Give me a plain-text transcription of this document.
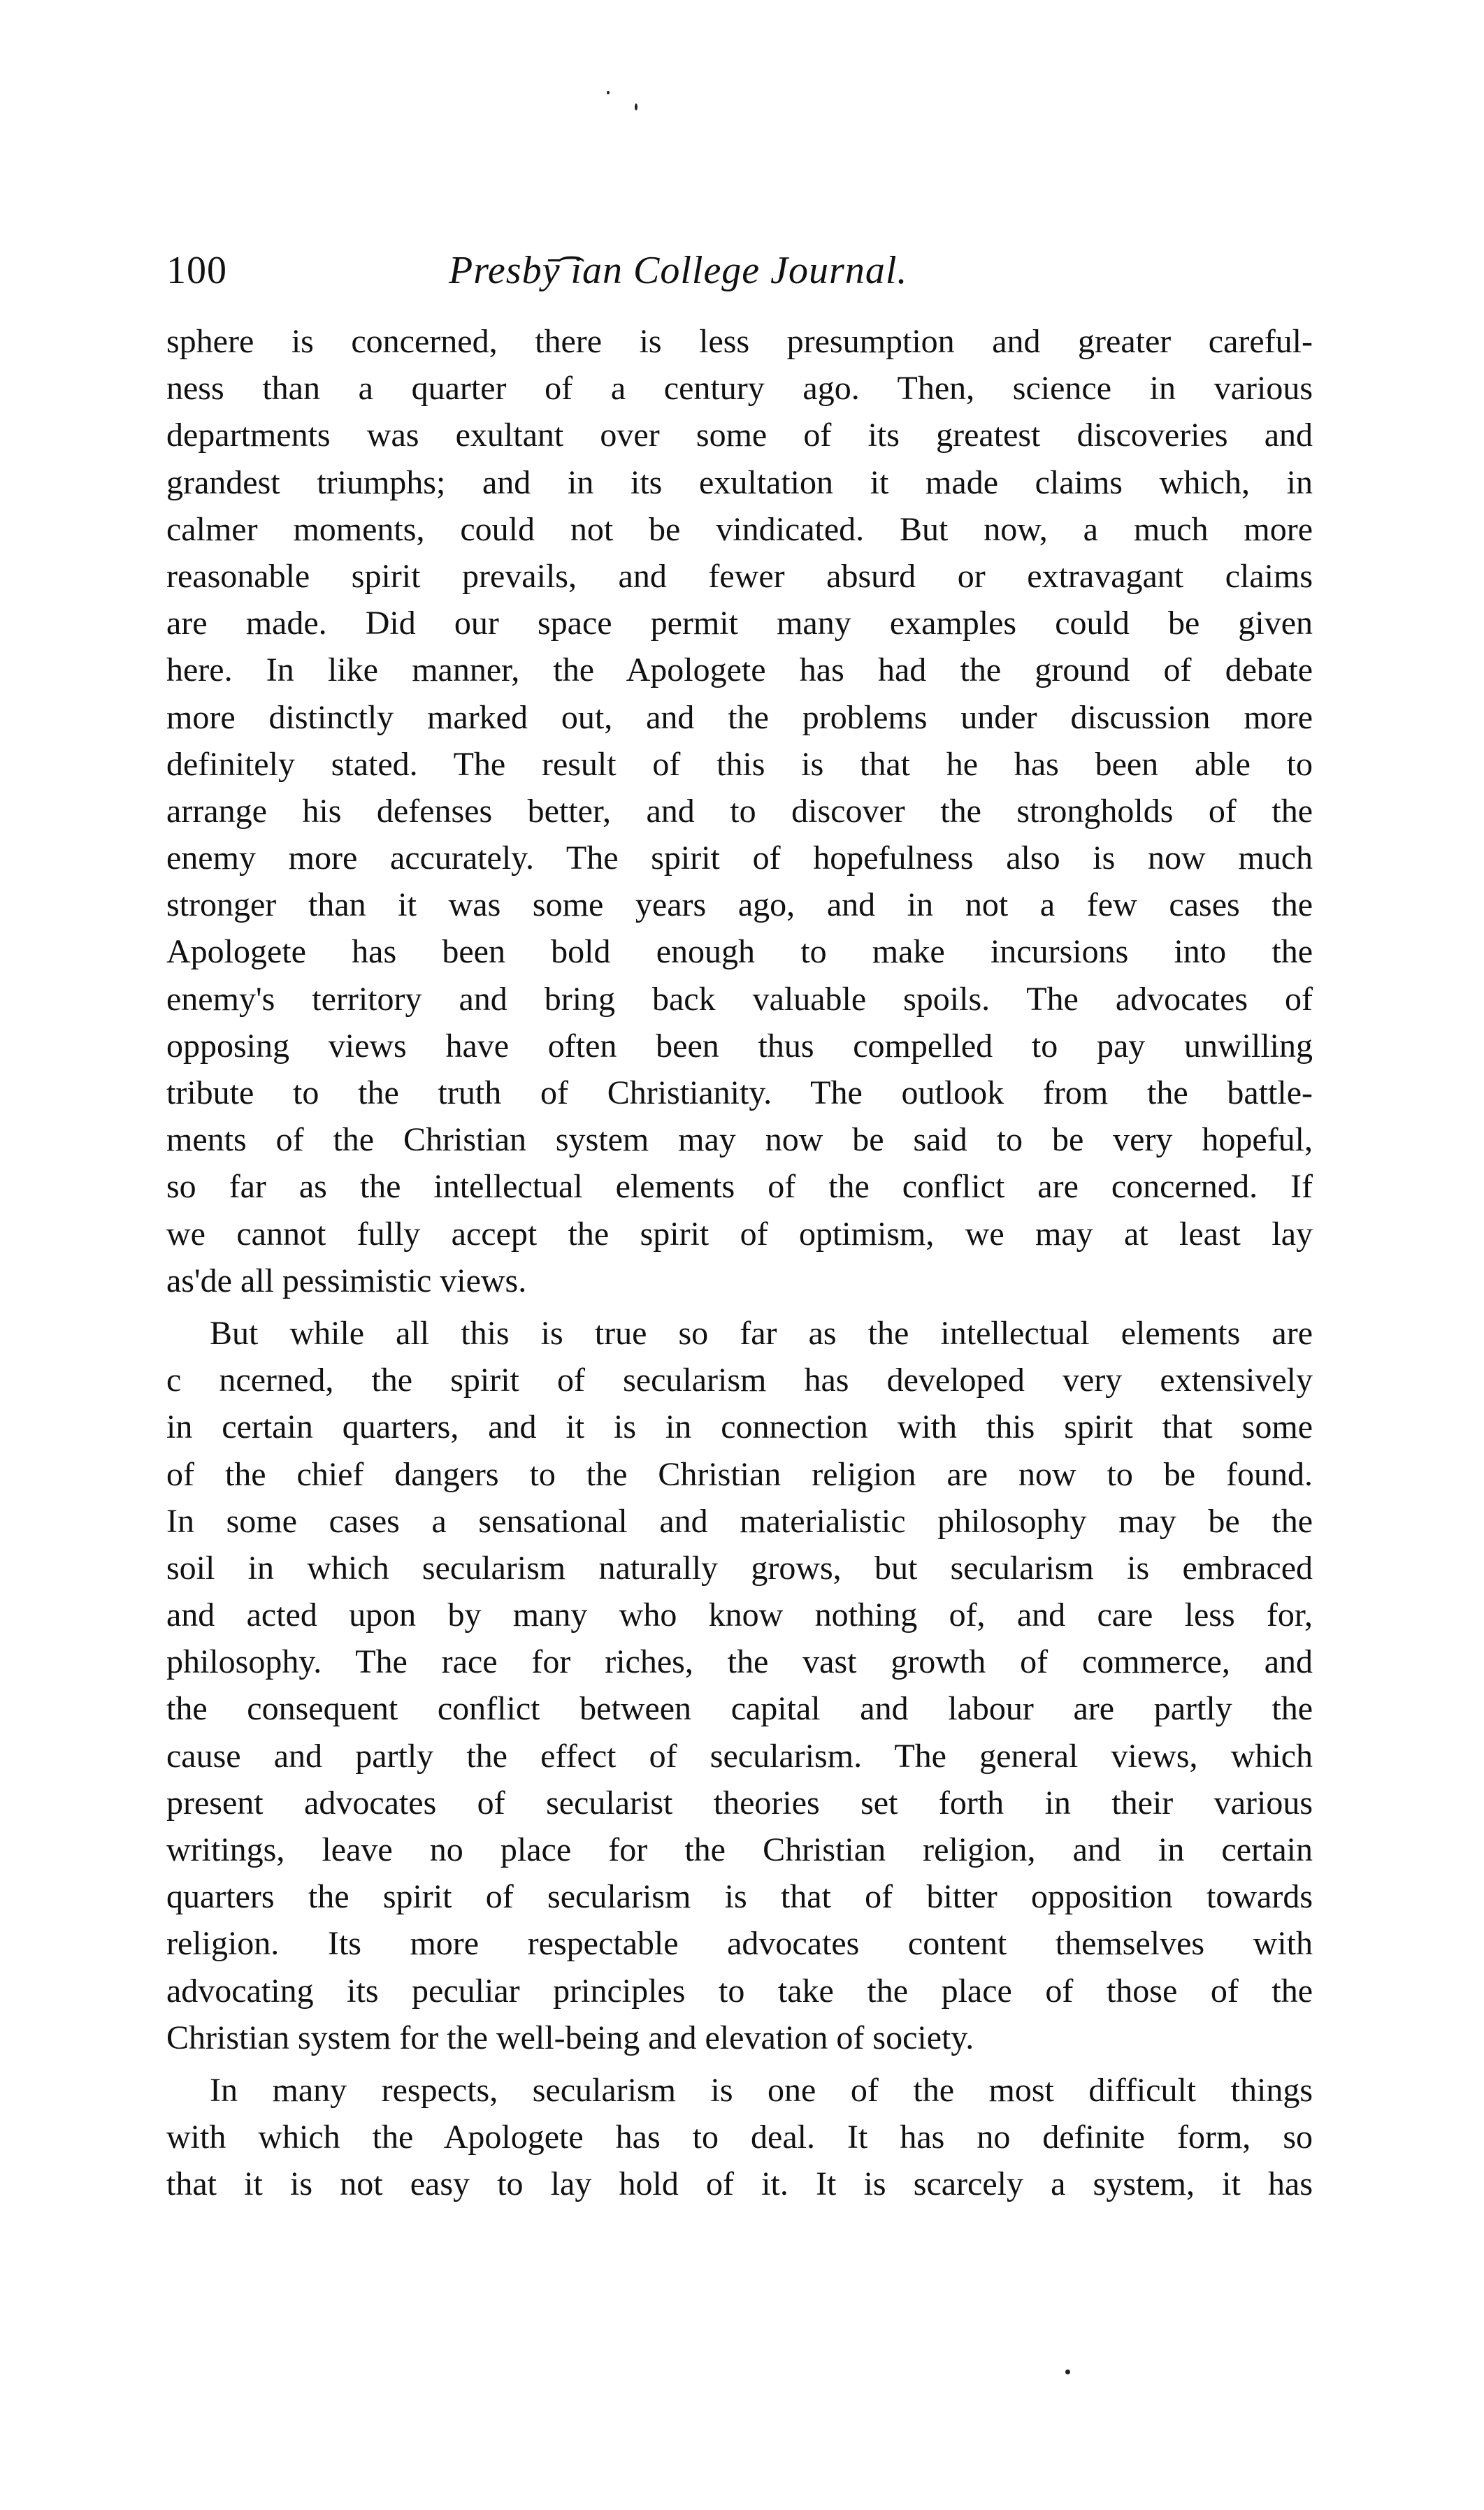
100	Presbȳ͡ ian College Journal.
sphere is concerned, there is less presumption and greater careful-
ness than a quarter of a century ago. Then, science in various
departments was exultant over some of its greatest discoveries and
grandest triumphs; and in its exultation it made claims which, in
calmer moments, could not be vindicated. But now, a much more
reasonable spirit prevails, and fewer absurd or extravagant claims
are made. Did our space permit many examples could be given
here. In like manner, the Apologete has had the ground of debate
more distinctly marked out, and the problems under discussion more
definitely stated. The result of this is that he has been able to
arrange his defenses better, and to discover the strongholds of the
enemy more accurately. The spirit of hopefulness also is now much
stronger than it was some years ago, and in not a few cases the
Apologete has been bold enough to make incursions into the
enemy's territory and bring back valuable spoils. The advocates of
opposing views have often been thus compelled to pay unwilling
tribute to the truth of Christianity. The outlook from the battle-
ments of the Christian system may now be said to be very hopeful,
so far as the intellectual elements of the conflict are concerned. If
we cannot fully accept the spirit of optimism, we may at least lay
as'de all pessimistic views.
But while all this is true so far as the intellectual elements are
c ncerned, the spirit of secularism has developed very extensively
in certain quarters, and it is in connection with this spirit that some
of the chief dangers to the Christian religion are now to be found.
In some cases a sensational and materialistic philosophy may be the
soil in which secularism naturally grows, but secularism is embraced
and acted upon by many who know nothing of, and care less for,
philosophy. The race for riches, the vast growth of commerce, and
the consequent conflict between capital and labour are partly the
cause and partly the effect of secularism. The general views, which
present advocates of secularist theories set forth in their various
writings, leave no place for the Christian religion, and in certain
quarters the spirit of secularism is that of bitter opposition towards
religion. Its more respectable advocates content themselves with
advocating its peculiar principles to take the place of those of the
Christian system for the well-being and elevation of society.
In many respects, secularism is one of the most difficult things
with which the Apologete has to deal. It has no definite form, so
that it is not easy to lay hold of it. It is scarcely a system, it has
